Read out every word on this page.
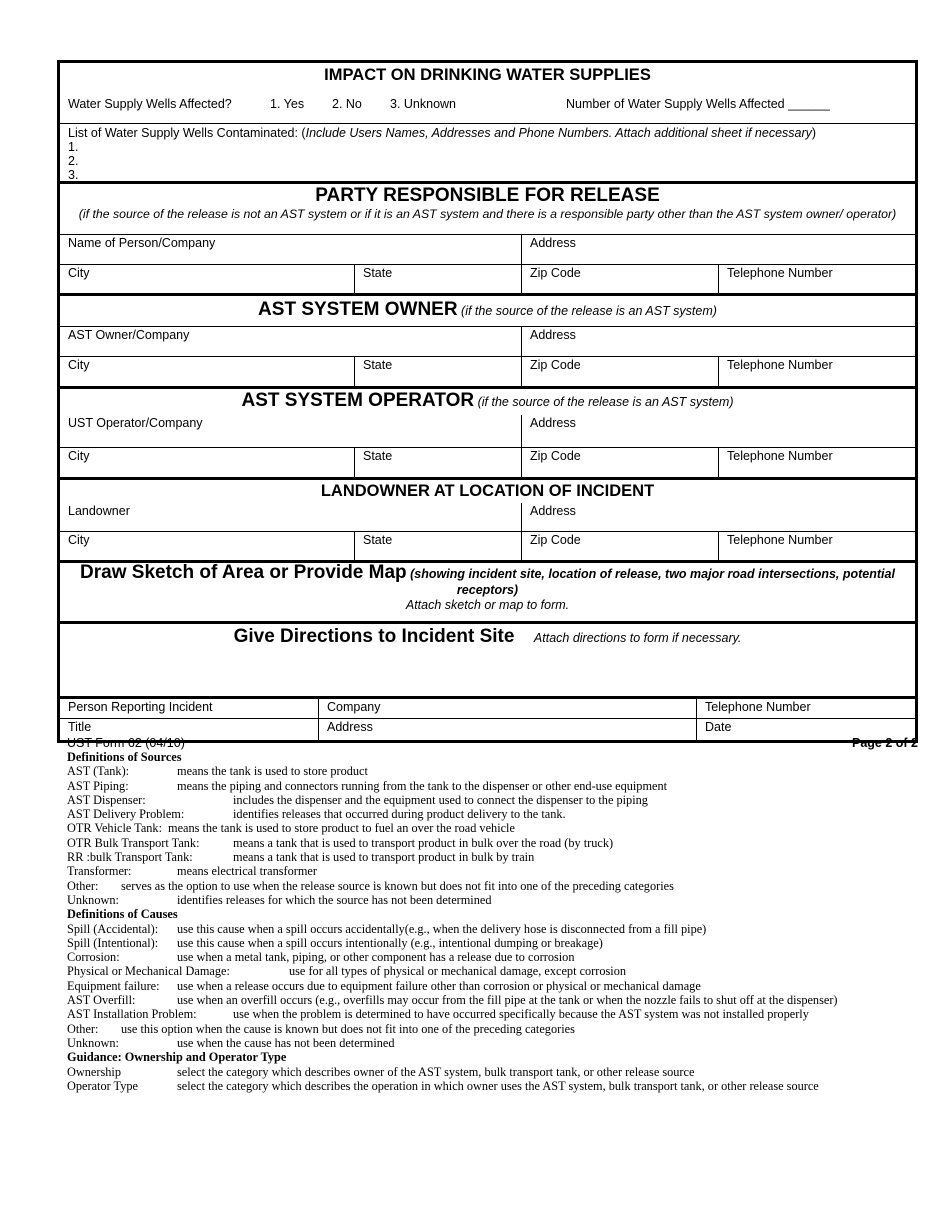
IMPACT ON DRINKING WATER SUPPLIES
Water Supply Wells Affected?	1. Yes 2. No 3. Unknown	Number of Water Supply Wells Affected ______
List of Water Supply Wells Contaminated: (Include Users Names, Addresses and Phone Numbers. Attach additional sheet if necessary)
1.
2.
3.
PARTY RESPONSIBLE FOR RELEASE
(if the source of the release is not an AST system or if it is an AST system and there is a responsible party other than the AST system owner/ operator)
Name of Person/Company	Address
City	State	Zip Code	Telephone Number
AST SYSTEM OWNER (if the source of the release is an AST system)
AST Owner/Company	Address
City	State	Zip Code	Telephone Number
AST SYSTEM OPERATOR (if the source of the release is an AST system)
UST Operator/Company	Address
City	State	Zip Code	Telephone Number
LANDOWNER AT LOCATION OF INCIDENT
Landowner	Address
City	State	Zip Code	Telephone Number
Draw Sketch of Area or Provide Map (showing incident site, location of release, two major road intersections, potential receptors)
Attach sketch or map to form.
Give Directions to Incident Site Attach directions to form if necessary.
Person Reporting Incident	Company	Telephone Number
Title	Address	Date
UST Form 62 (04/10)	Page 2 of 2
Definitions of Sources
AST (Tank):	means the tank is used to store product
AST Piping:	means the piping and connectors running from the tank to the dispenser or other end-use equipment
AST Dispenser:	includes the dispenser and the equipment used to connect the dispenser to the piping
AST Delivery Problem:	identifies releases that occurred during product delivery to the tank.
OTR Vehicle Tank: means the tank is used to store product to fuel an over the road vehicle
OTR Bulk Transport Tank:	means a tank that is used to transport product in bulk over the road (by truck)
RR :bulk Transport Tank:	means a tank that is used to transport product in bulk by train
Transformer:	means electrical transformer
Other: serves as the option to use when the release source is known but does not fit into one of the preceding categories
Unknown:	identifies releases for which the source has not been determined
Definitions of Causes
Spill (Accidental): use this cause when a spill occurs accidentally(e.g., when the delivery hose is disconnected from a fill pipe)
Spill (Intentional): use this cause when a spill occurs intentionally (e.g., intentional dumping or breakage)
Corrosion:	use when a metal tank, piping, or other component has a release due to corrosion
Physical or Mechanical Damage:	use for all types of physical or mechanical damage, except corrosion
Equipment failure: use when a release occurs due to equipment failure other than corrosion or physical or mechanical damage
AST Overfill:	use when an overfill occurs (e.g., overfills may occur from the fill pipe at the tank or when the nozzle fails to shut off at the dispenser)
AST Installation Problem:	use when the problem is determined to have occurred specifically because the AST system was not installed properly
Other: use this option when the cause is known but does not fit into one of the preceding categories
Unknown:	use when the cause has not been determined
Guidance: Ownership and Operator Type
Ownership	select the category which describes owner of the AST system, bulk transport tank, or other release source
Operator Type	select the category which describes the operation in which owner uses the AST system, bulk transport tank, or other release source
